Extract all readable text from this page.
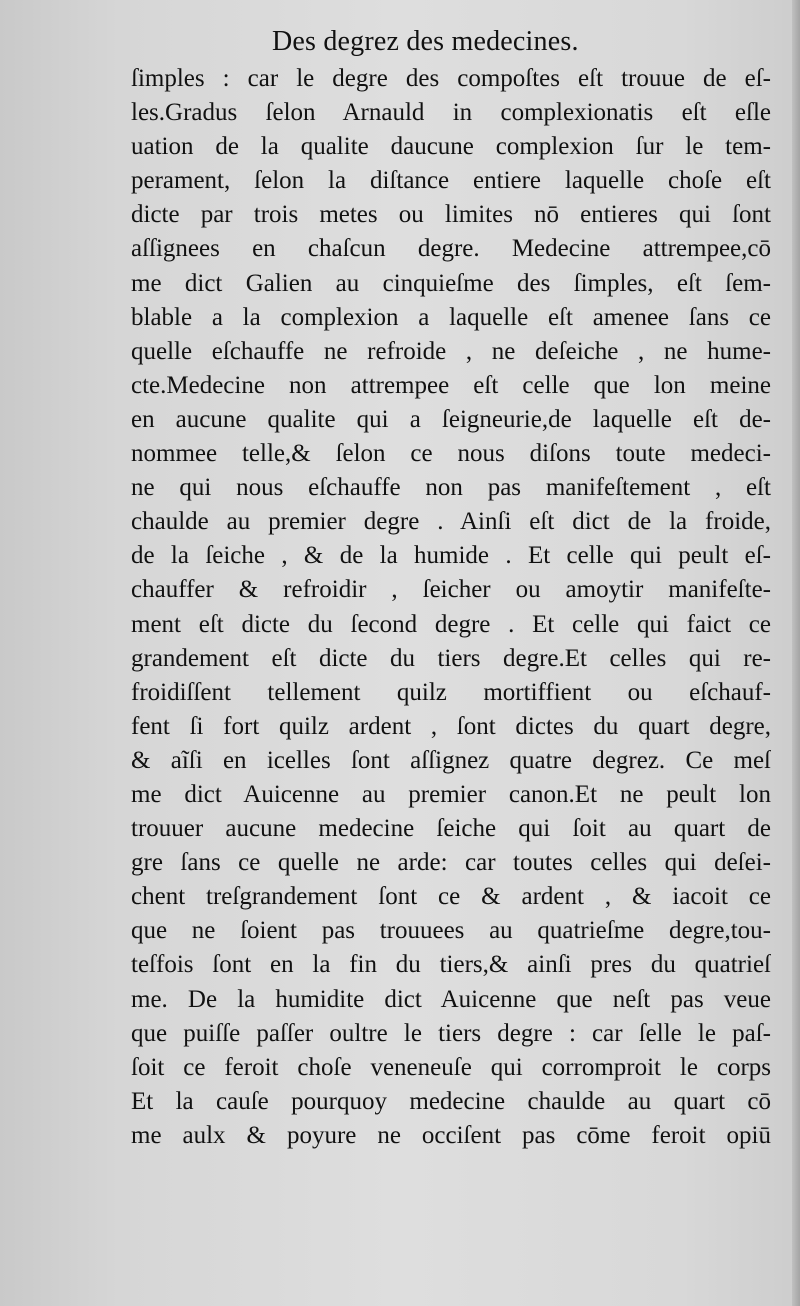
Des degrez des medecines.
ſimples : car le degre des compoſtes eſt trouue de eſ-
les.Gradus ſelon Arnauld in complexionatis eſt eſle
uation de la qualite daucune complexion ſur le tem-
perament, ſelon la diſtance entiere laquelle choſe eſt
dicte par trois metes ou limites nō entieres qui ſont
aſſignees en chaſcun degre. Medecine attrempee,cō
me dict Galien au cinquieſme des ſimples, eſt ſem-
blable a la complexion a laquelle eſt amenee ſans ce
quelle eſchauffe ne refroide , ne deſeiche , ne hume-
cte.Medecine non attrempee eſt celle que lon meine
en aucune qualite qui a ſeigneurie,de laquelle eſt de-
nommee telle,& ſelon ce nous diſons toute medeci-
ne qui nous eſchauffe non pas manifeſtement , eſt
chaulde au premier degre . Ainſi eſt dict de la froide,
de la ſeiche , & de la humide . Et celle qui peult eſ-
chauffer & refroidir , ſeicher ou amoytir manifeſte-
ment eſt dicte du ſecond degre . Et celle qui faict ce
grandement eſt dicte du tiers degre.Et celles qui re-
froidiſſent tellement quilz mortiffient ou eſchauf-
fent ſi fort quilz ardent , ſont dictes du quart degre,
& aĩſi en icelles ſont aſſignez quatre degrez. Ce meſ
me dict Auicenne au premier canon.Et ne peult lon
trouuer aucune medecine ſeiche qui ſoit au quart de
gre ſans ce quelle ne arde: car toutes celles qui deſei-
chent treſgrandement ſont ce & ardent , & iacoit ce
que ne ſoient pas trouuees au quatrieſme degre,tou-
teſfois ſont en la fin du tiers,& ainſi pres du quatrieſ
me. De la humidite dict Auicenne que neſt pas veue
que puiſſe paſſer oultre le tiers degre : car ſelle le paſ-
ſoit ce feroit choſe veneneuſe qui corromproit le corps
Et la cauſe pourquoy medecine chaulde au quart cō
me aulx & poyure ne occiſent pas cōme feroit opiū
